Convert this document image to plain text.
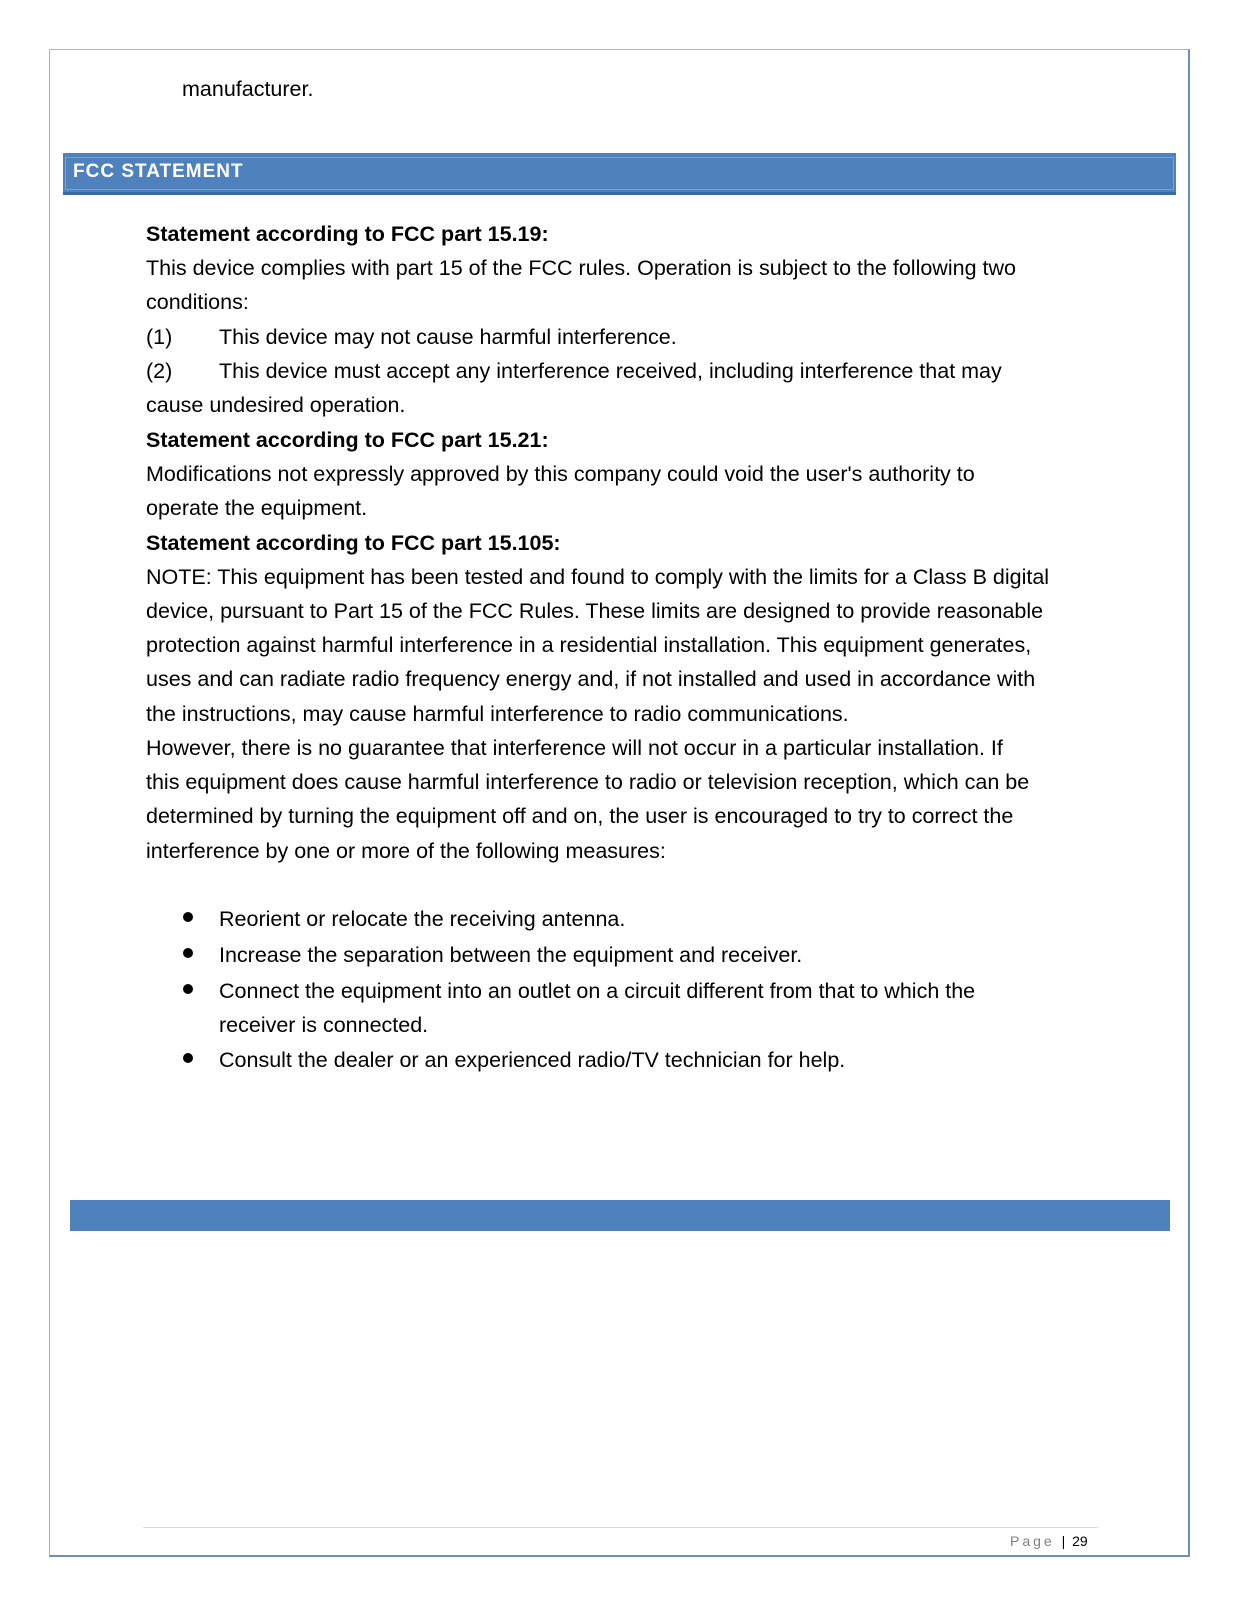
manufacturer.
FCC STATEMENT
Statement according to FCC part 15.19:
This device complies with part 15 of the FCC rules. Operation is subject to the following two
conditions:
(1) This device may not cause harmful interference.
(2) This device must accept any interference received, including interference that may
cause undesired operation.
Statement according to FCC part 15.21:
Modifications not expressly approved by this company could void the user's authority to
operate the equipment.
Statement according to FCC part 15.105:
NOTE: This equipment has been tested and found to comply with the limits for a Class B digital
device, pursuant to Part 15 of the FCC Rules. These limits are designed to provide reasonable
protection against harmful interference in a residential installation. This equipment generates,
uses and can radiate radio frequency energy and, if not installed and used in accordance with
the instructions, may cause harmful interference to radio communications.
However, there is no guarantee that interference will not occur in a particular installation. If
this equipment does cause harmful interference to radio or television reception, which can be
determined by turning the equipment off and on, the user is encouraged to try to correct the
interference by one or more of the following measures:
Reorient or relocate the receiving antenna.
Increase the separation between the equipment and receiver.
Connect the equipment into an outlet on a circuit different from that to which the
receiver is connected.
Consult the dealer or an experienced radio/TV technician for help.
Page | 29
